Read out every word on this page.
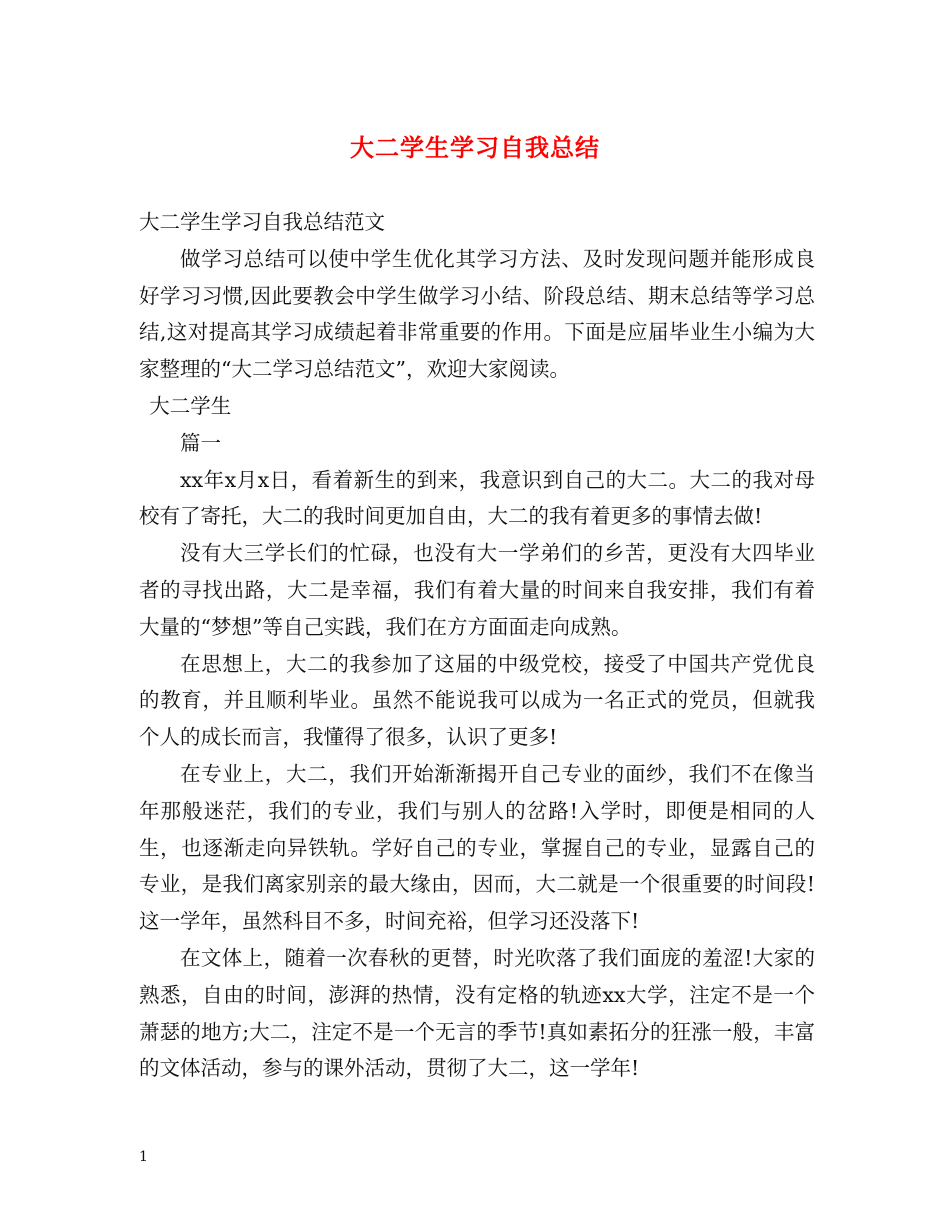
大二学生学习自我总结

大二学生学习自我总结范文

做学习总结可以使中学生优化其学习方法、及时发现问题并能形成良好学习习惯,因此要教会中学生做学习小结、阶段总结、期末总结等学习总结,这对提高其学习成绩起着非常重要的作用。下面是应届毕业生小编为大家整理的“大二学习总结范文”，欢迎大家阅读。

大二学生

篇一

xx年x月x日，看着新生的到来，我意识到自己的大二。大二的我对母校有了寄托，大二的我时间更加自由，大二的我有着更多的事情去做!

没有大三学长们的忙碌，也没有大一学弟们的乡苦，更没有大四毕业者的寻找出路，大二是幸福，我们有着大量的时间来自我安排，我们有着大量的“梦想”等自己实践，我们在方方面面走向成熟。

在思想上，大二的我参加了这届的中级党校，接受了中国共产党优良的教育，并且顺利毕业。虽然不能说我可以成为一名正式的党员，但就我个人的成长而言，我懂得了很多，认识了更多!

在专业上，大二，我们开始渐渐揭开自己专业的面纱，我们不在像当年那般迷茫，我们的专业，我们与别人的岔路!入学时，即便是相同的人生，也逐渐走向异铁轨。学好自己的专业，掌握自己的专业，显露自己的专业，是我们离家别亲的最大缘由，因而，大二就是一个很重要的时间段!这一学年，虽然科目不多，时间充裕，但学习还没落下!

在文体上，随着一次春秋的更替，时光吹落了我们面庞的羞涩!大家的熟悉，自由的时间，澎湃的热情，没有定格的轨迹xx大学，注定不是一个萧瑟的地方;大二，注定不是一个无言的季节!真如素拓分的狂涨一般，丰富的文体活动，参与的课外活动，贯彻了大二，这一学年!

1
